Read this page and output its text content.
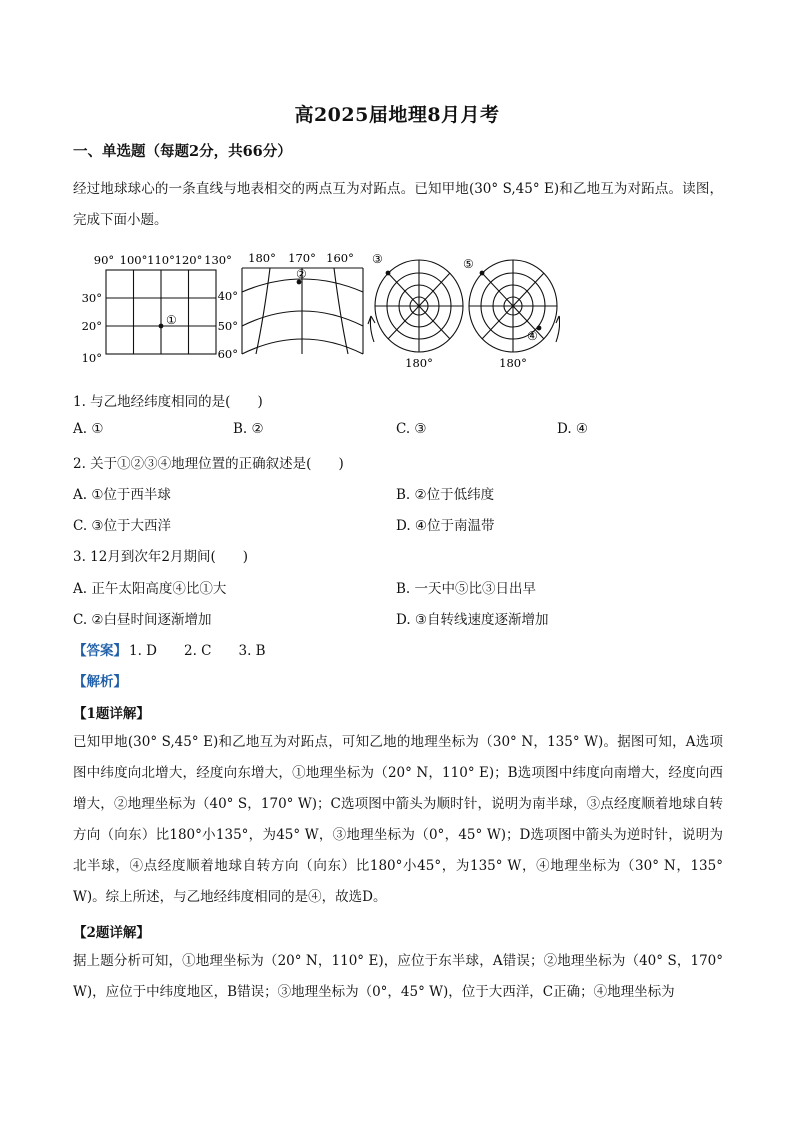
高2025届地理8月月考
一、单选题（每题2分，共66分）
经过地球球心的一条直线与地表相交的两点互为对跖点。已知甲地(30° S,45° E)和乙地互为对跖点。读图，完成下面小题。
90° 100° 110° 120° 130°
30°
20°
10°
①
180° 170° 160°
40°
50°
60°
②
③
180°
⑤
④
180°
1. 与乙地经纬度相同的是(　　)
A. ①	B. ②	C. ③	D. ④
2. 关于①②③④地理位置的正确叙述是(　　)
A. ①位于西半球	B. ②位于低纬度
C. ③位于大西洋	D. ④位于南温带
3. 12月到次年2月期间(　　)
A. 正午太阳高度④比①大	B. 一天中⑤比③日出早
C. ②白昼时间逐渐增加	D. ③自转线速度逐渐增加
【答案】 1. D　　2. C　　3. B
【解析】
【1题详解】
已知甲地(30° S,45° E)和乙地互为对跖点，可知乙地的地理坐标为（30° N，135° W)。据图可知，A选项图中纬度向北增大，经度向东增大，①地理坐标为（20° N，110° E)；B选项图中纬度向南增大，经度向西增大，②地理坐标为（40° S，170° W)；C选项图中箭头为顺时针，说明为南半球，③点经度顺着地球自转方向（向东）比180°小135°，为45° W，③地理坐标为（0°，45° W)；D选项图中箭头为逆时针，说明为北半球，④点经度顺着地球自转方向（向东）比180°小45°，为135° W，④地理坐标为（30° N，135° W)。综上所述，与乙地经纬度相同的是④，故选D。
【2题详解】
据上题分析可知，①地理坐标为（20° N，110° E)，应位于东半球，A错误；②地理坐标为（40° S，170° W)，应位于中纬度地区，B错误；③地理坐标为（0°，45° W)，位于大西洋，C正确；④地理坐标为
